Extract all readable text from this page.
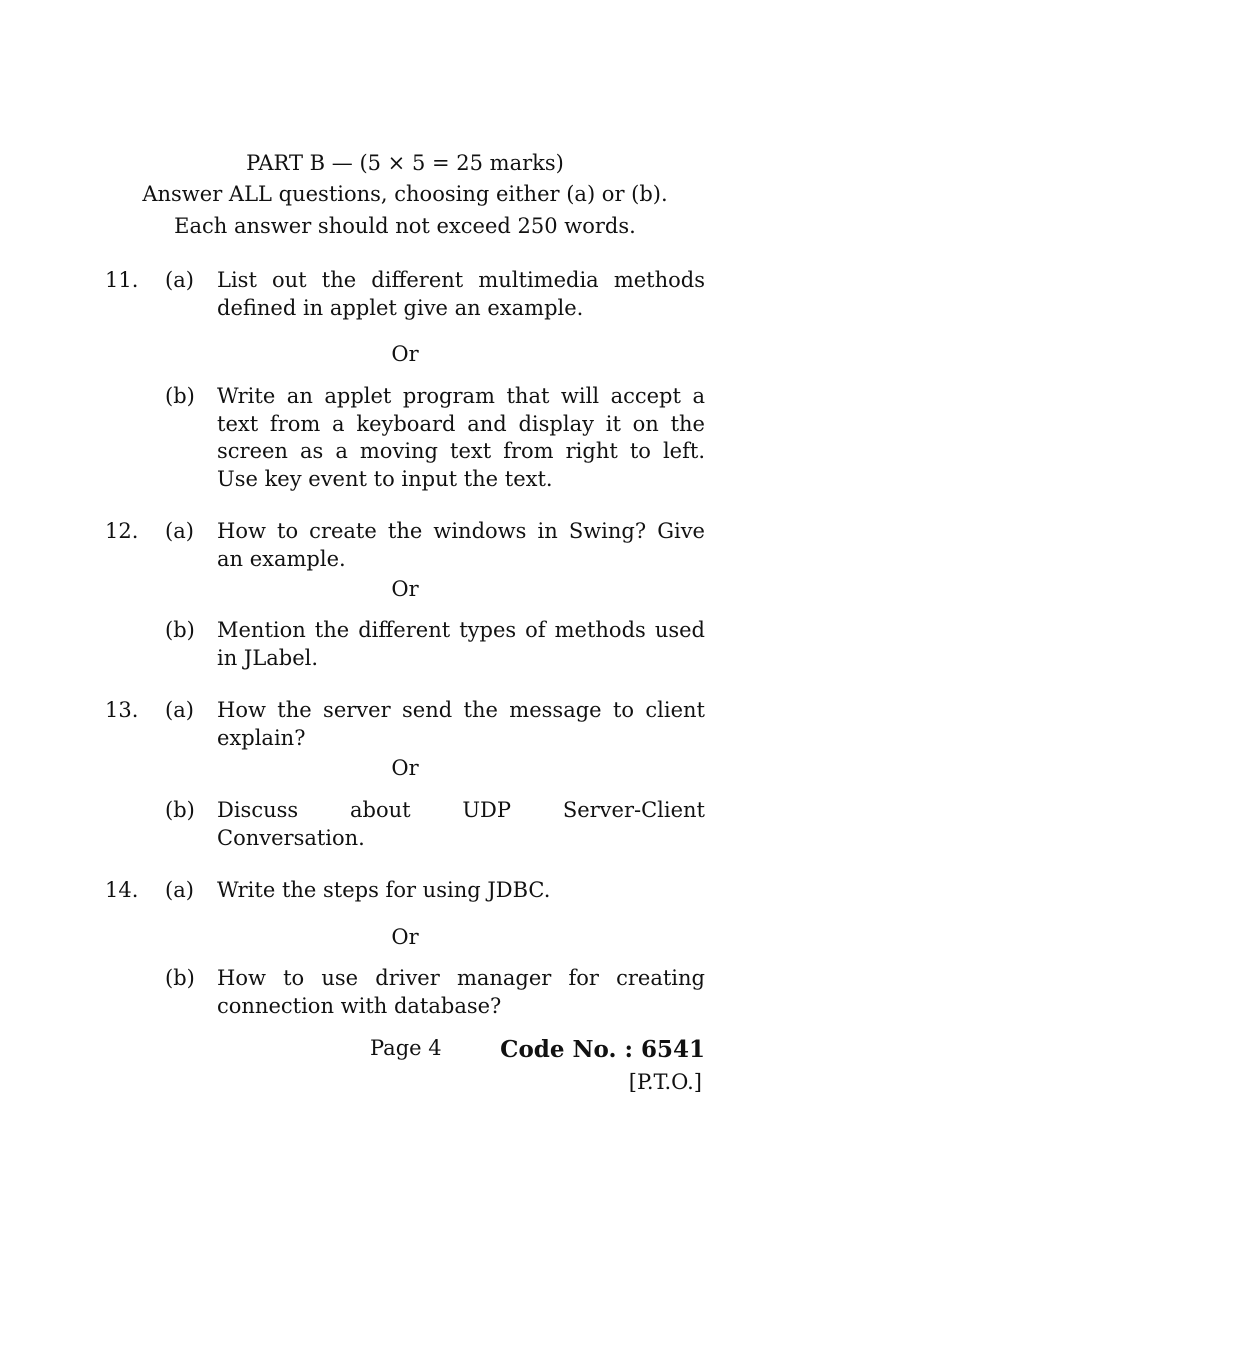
PART B — (5 × 5 = 25 marks)
Answer ALL questions, choosing either (a) or (b).
Each answer should not exceed 250 words.
11.	(a)	List out the different multimedia methods defined in applet give an example.
Or
(b)	Write an applet program that will accept a text from a keyboard and display it on the screen as a moving text from right to left. Use key event to input the text.
12.	(a)	How to create the windows in Swing? Give an example.
Or
(b)	Mention the different types of methods used in JLabel.
13.	(a)	How the server send the message to client explain?
Or
(b)	Discuss about UDP Server-Client Conversation.
14.	(a)	Write the steps for using JDBC.
Or
(b)	How to use driver manager for creating connection with database?
Page 4	Code No. : 6541
[P.T.O.]
